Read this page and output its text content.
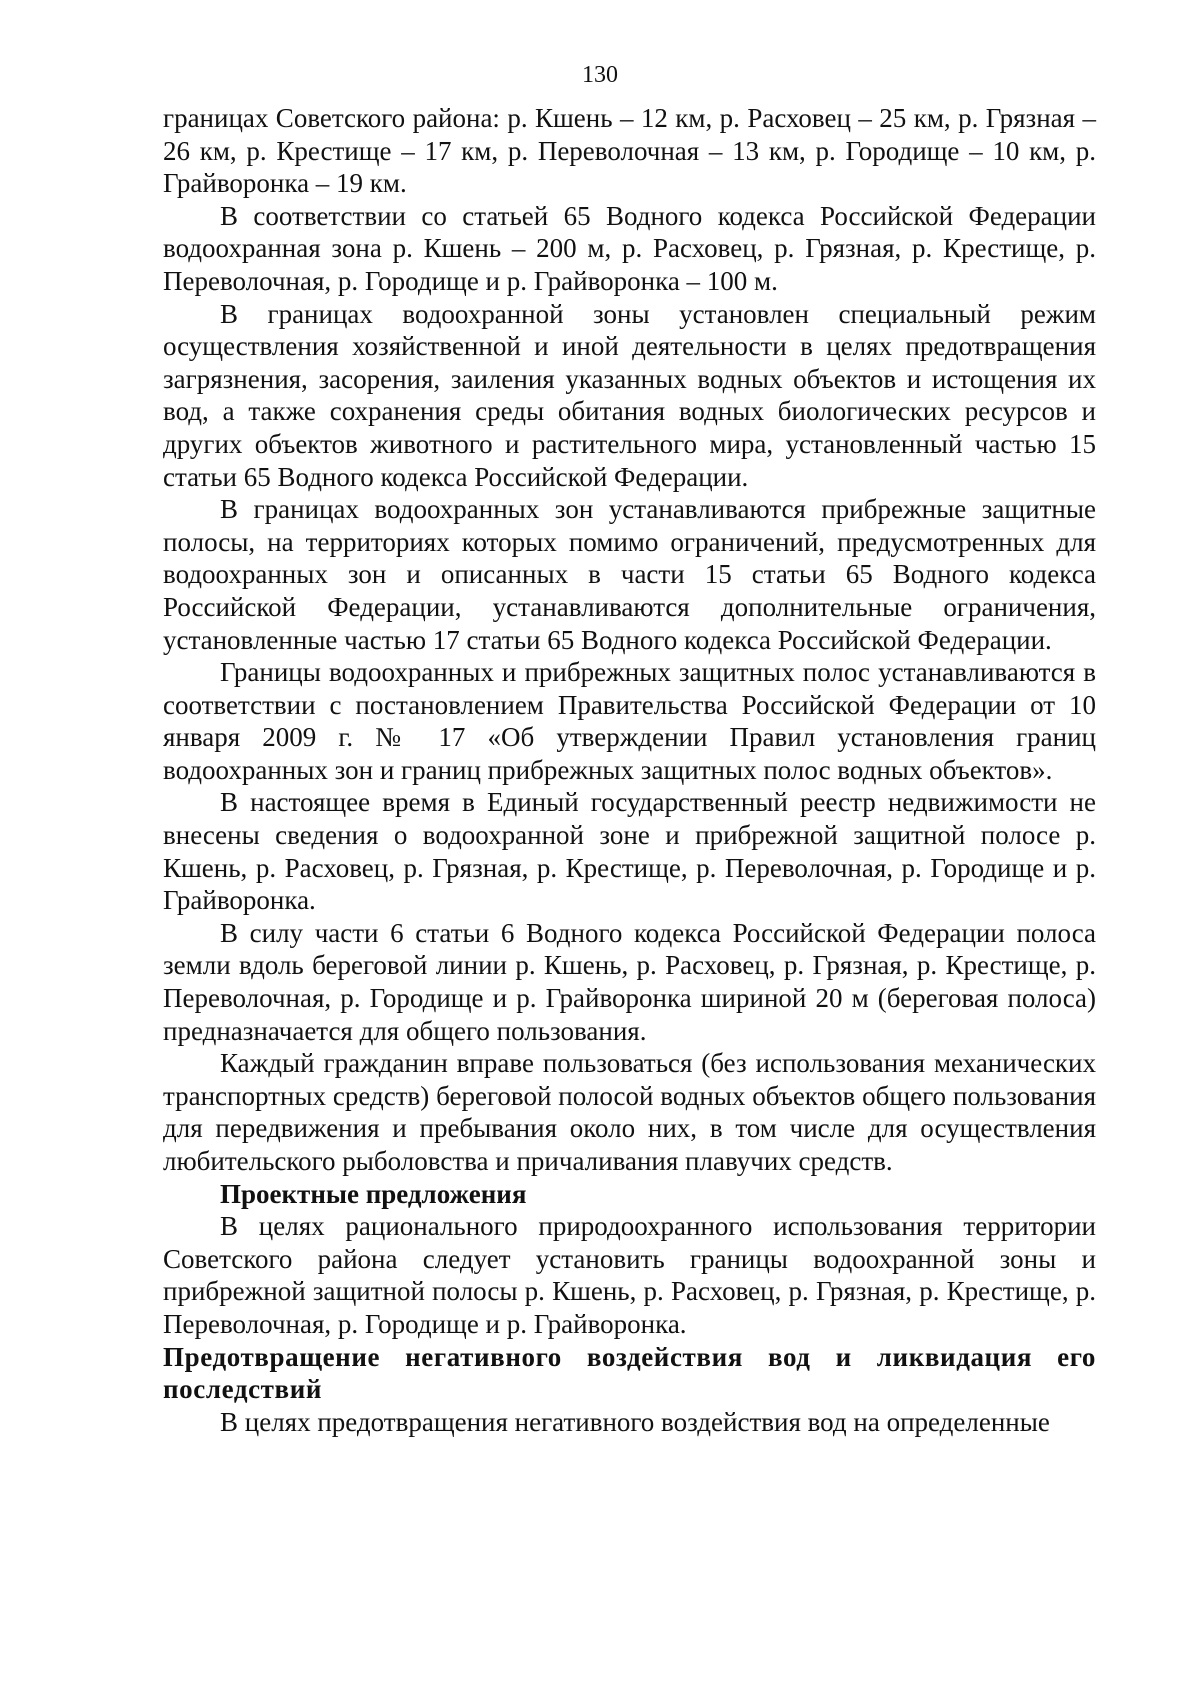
130

границах Советского района: р. Кшень – 12 км, р. Расховец – 25 км, р. Грязная – 26 км, р. Крестище – 17 км, р. Переволочная – 13 км, р. Городище – 10 км, р. Грайворонка – 19 км.

В соответствии со статьей 65 Водного кодекса Российской Федерации водоохранная зона р. Кшень – 200 м, р. Расховец, р. Грязная, р. Крестище, р. Переволочная, р. Городище и р. Грайворонка – 100 м.

В границах водоохранной зоны установлен специальный режим осуществления хозяйственной и иной деятельности в целях предотвращения загрязнения, засорения, заиления указанных водных объектов и истощения их вод, а также сохранения среды обитания водных биологических ресурсов и других объектов животного и растительного мира, установленный частью 15 статьи 65 Водного кодекса Российской Федерации.

В границах водоохранных зон устанавливаются прибрежные защитные полосы, на территориях которых помимо ограничений, предусмотренных для водоохранных зон и описанных в части 15 статьи 65 Водного кодекса Российской Федерации, устанавливаются дополнительные ограничения, установленные частью 17 статьи 65 Водного кодекса Российской Федерации.

Границы водоохранных и прибрежных защитных полос устанавливаются в соответствии с постановлением Правительства Российской Федерации от 10 января 2009 г. № 17 «Об утверждении Правил установления границ водоохранных зон и границ прибрежных защитных полос водных объектов».

В настоящее время в Единый государственный реестр недвижимости не внесены сведения о водоохранной зоне и прибрежной защитной полосе р. Кшень, р. Расховец, р. Грязная, р. Крестище, р. Переволочная, р. Городище и р. Грайворонка.

В силу части 6 статьи 6 Водного кодекса Российской Федерации полоса земли вдоль береговой линии р. Кшень, р. Расховец, р. Грязная, р. Крестище, р. Переволочная, р. Городище и р. Грайворонка шириной 20 м (береговая полоса) предназначается для общего пользования.

Каждый гражданин вправе пользоваться (без использования механических транспортных средств) береговой полосой водных объектов общего пользования для передвижения и пребывания около них, в том числе для осуществления любительского рыболовства и причаливания плавучих средств.

Проектные предложения

В целях рационального природоохранного использования территории Советского района следует установить границы водоохранной зоны и прибрежной защитной полосы р. Кшень, р. Расховец, р. Грязная, р. Крестище, р. Переволочная, р. Городище и р. Грайворонка.

Предотвращение негативного воздействия вод и ликвидация его последствий

В целях предотвращения негативного воздействия вод на определенные
